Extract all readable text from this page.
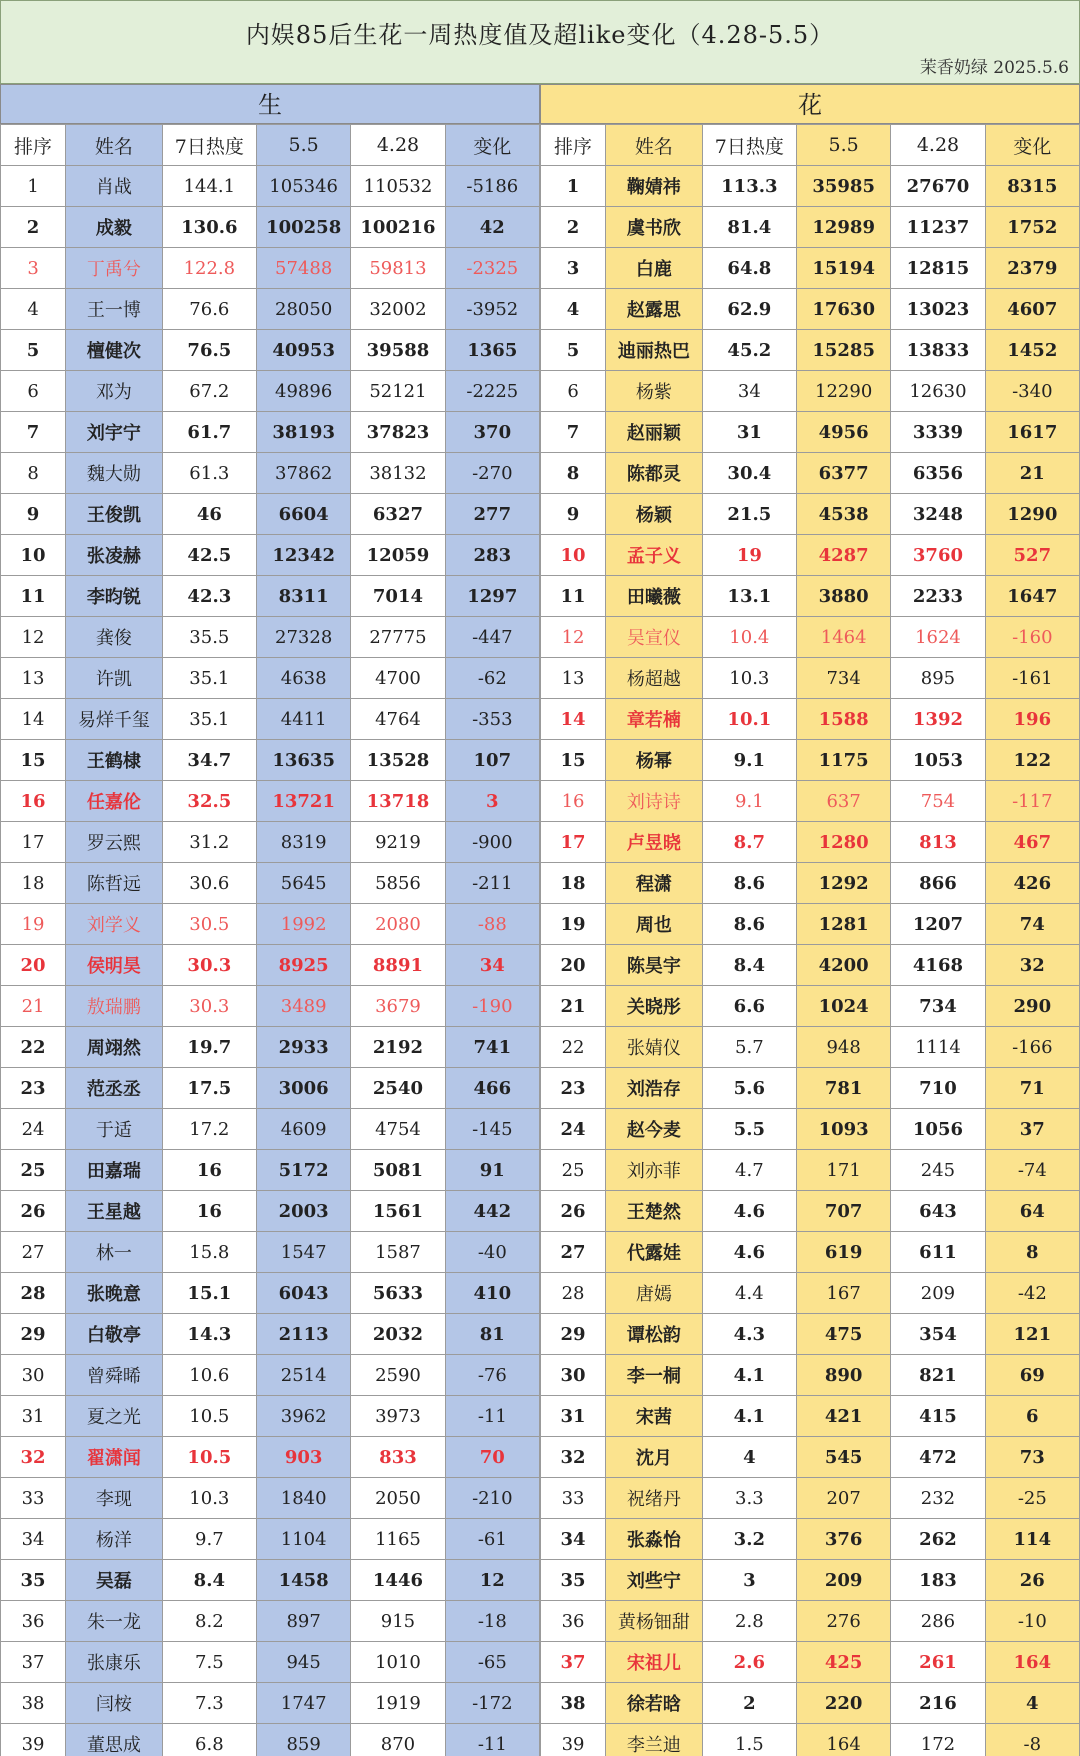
内娱85后生花一周热度值及超like变化（4.28-5.5）
茉香奶绿 2025.5.6
生
排序	姓名	7日热度	5.5	4.28	变化
1	肖战	144.1	105346	110532	-5186
2	成毅	130.6	100258	100216	42
3	丁禹兮	122.8	57488	59813	-2325
4	王一博	76.6	28050	32002	-3952
5	檀健次	76.5	40953	39588	1365
6	邓为	67.2	49896	52121	-2225
7	刘宇宁	61.7	38193	37823	370
8	魏大勋	61.3	37862	38132	-270
9	王俊凯	46	6604	6327	277
10	张凌赫	42.5	12342	12059	283
11	李昀锐	42.3	8311	7014	1297
12	龚俊	35.5	27328	27775	-447
13	许凯	35.1	4638	4700	-62
14	易烊千玺	35.1	4411	4764	-353
15	王鹤棣	34.7	13635	13528	107
16	任嘉伦	32.5	13721	13718	3
17	罗云熙	31.2	8319	9219	-900
18	陈哲远	30.6	5645	5856	-211
19	刘学义	30.5	1992	2080	-88
20	侯明昊	30.3	8925	8891	34
21	敖瑞鹏	30.3	3489	3679	-190
22	周翊然	19.7	2933	2192	741
23	范丞丞	17.5	3006	2540	466
24	于适	17.2	4609	4754	-145
25	田嘉瑞	16	5172	5081	91
26	王星越	16	2003	1561	442
27	林一	15.8	1547	1587	-40
28	张晚意	15.1	6043	5633	410
29	白敬亭	14.3	2113	2032	81
30	曾舜晞	10.6	2514	2590	-76
31	夏之光	10.5	3962	3973	-11
32	翟潇闻	10.5	903	833	70
33	李现	10.3	1840	2050	-210
34	杨洋	9.7	1104	1165	-61
35	吴磊	8.4	1458	1446	12
36	朱一龙	8.2	897	915	-18
37	张康乐	7.5	945	1010	-65
38	闫桉	7.3	1747	1919	-172
39	董思成	6.8	859	870	-11
花
排序	姓名	7日热度	5.5	4.28	变化
1	鞠婧祎	113.3	35985	27670	8315
2	虞书欣	81.4	12989	11237	1752
3	白鹿	64.8	15194	12815	2379
4	赵露思	62.9	17630	13023	4607
5	迪丽热巴	45.2	15285	13833	1452
6	杨紫	34	12290	12630	-340
7	赵丽颖	31	4956	3339	1617
8	陈都灵	30.4	6377	6356	21
9	杨颖	21.5	4538	3248	1290
10	孟子义	19	4287	3760	527
11	田曦薇	13.1	3880	2233	1647
12	吴宣仪	10.4	1464	1624	-160
13	杨超越	10.3	734	895	-161
14	章若楠	10.1	1588	1392	196
15	杨幂	9.1	1175	1053	122
16	刘诗诗	9.1	637	754	-117
17	卢昱晓	8.7	1280	813	467
18	程潇	8.6	1292	866	426
19	周也	8.6	1281	1207	74
20	陈昊宇	8.4	4200	4168	32
21	关晓彤	6.6	1024	734	290
22	张婧仪	5.7	948	1114	-166
23	刘浩存	5.6	781	710	71
24	赵今麦	5.5	1093	1056	37
25	刘亦菲	4.7	171	245	-74
26	王楚然	4.6	707	643	64
27	代露娃	4.6	619	611	8
28	唐嫣	4.4	167	209	-42
29	谭松韵	4.3	475	354	121
30	李一桐	4.1	890	821	69
31	宋茜	4.1	421	415	6
32	沈月	4	545	472	73
33	祝绪丹	3.3	207	232	-25
34	张淼怡	3.2	376	262	114
35	刘些宁	3	209	183	26
36	黄杨钿甜	2.8	276	286	-10
37	宋祖儿	2.6	425	261	164
38	徐若晗	2	220	216	4
39	李兰迪	1.5	164	172	-8
